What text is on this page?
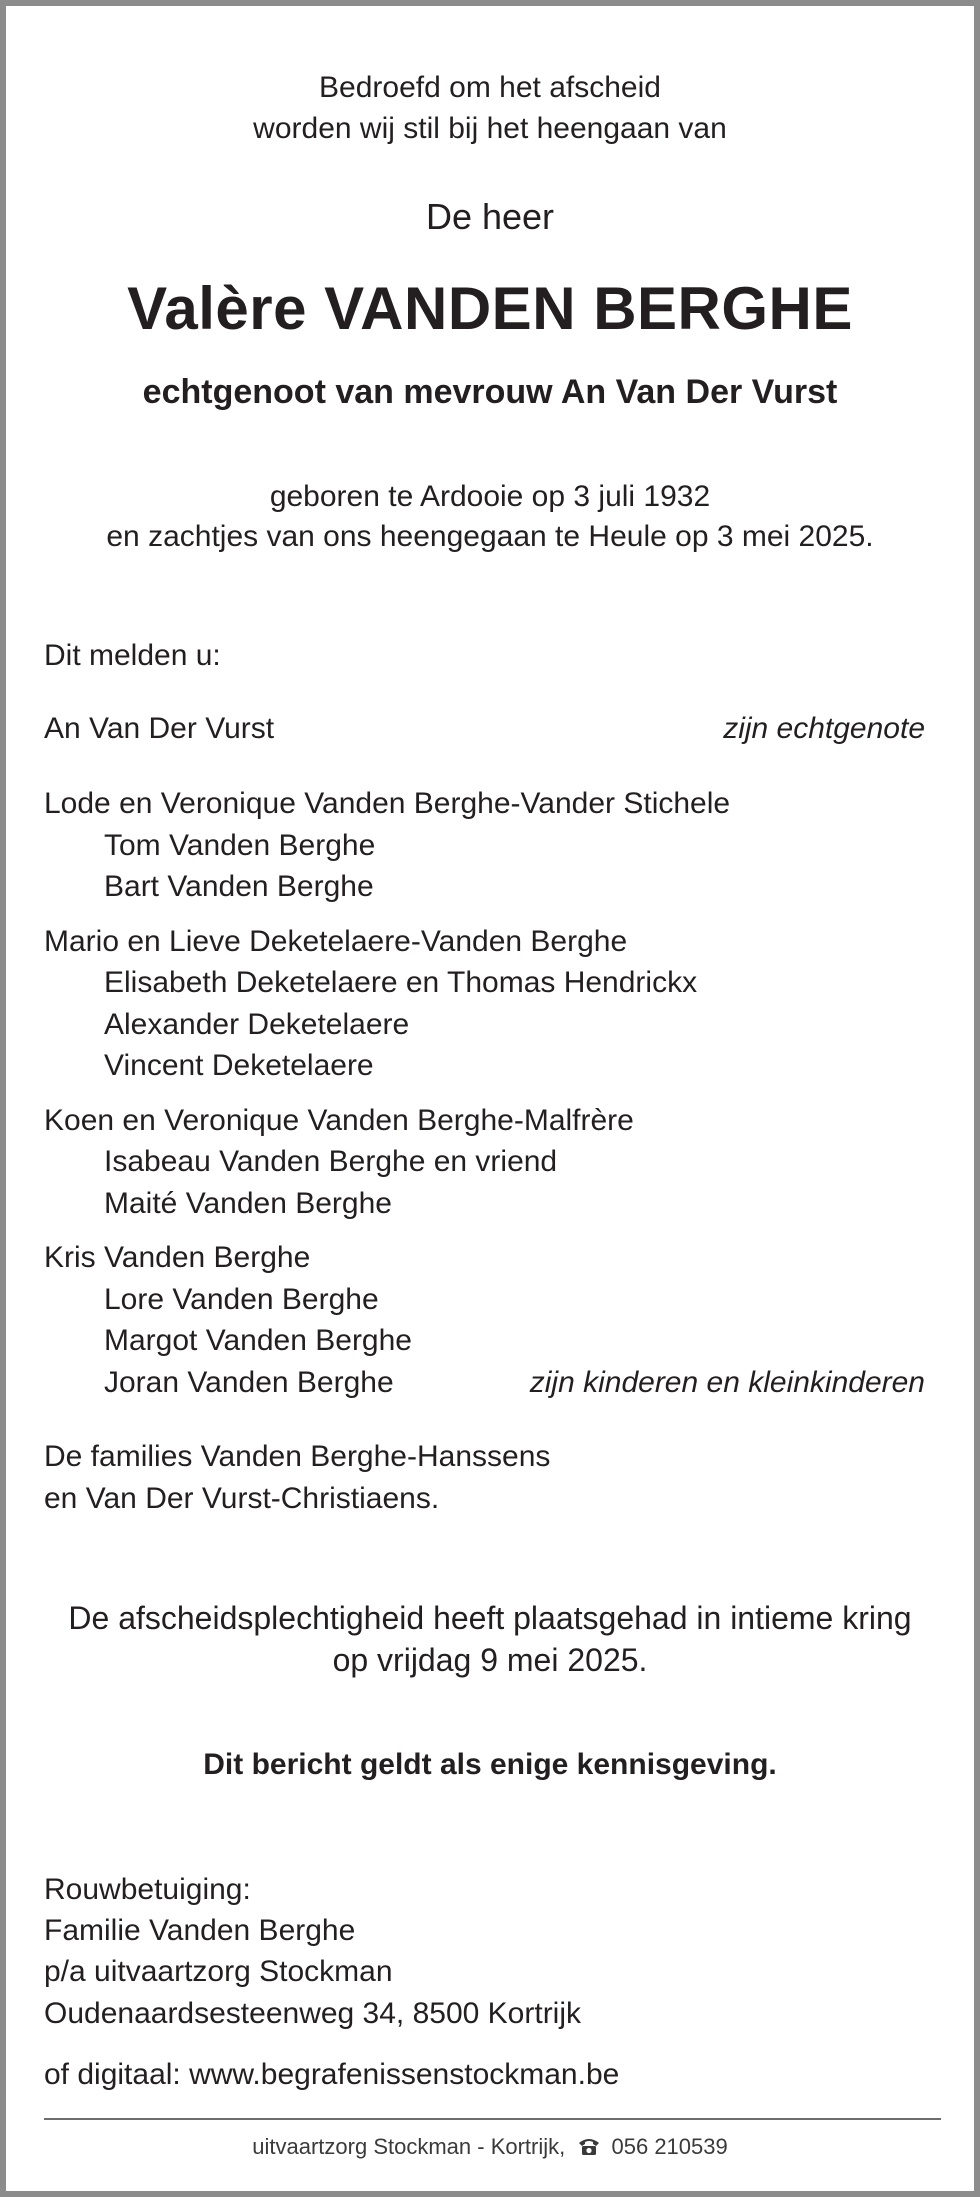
Bedroefd om het afscheid
worden wij stil bij het heengaan van
De heer
Valère VANDEN BERGHE
echtgenoot van mevrouw An Van Der Vurst
geboren te Ardooie op 3 juli 1932
en zachtjes van ons heengegaan te Heule op 3 mei 2025.
Dit melden u:
An Van Der Vurst	zijn echtgenote
Lode en Veronique Vanden Berghe-Vander Stichele
Tom Vanden Berghe
Bart Vanden Berghe
Mario en Lieve Deketelaere-Vanden Berghe
Elisabeth Deketelaere en Thomas Hendrickx
Alexander Deketelaere
Vincent Deketelaere
Koen en Veronique Vanden Berghe-Malfrère
Isabeau Vanden Berghe en vriend
Maité Vanden Berghe
Kris Vanden Berghe
Lore Vanden Berghe
Margot Vanden Berghe
Joran Vanden Berghe	zijn kinderen en kleinkinderen
De families Vanden Berghe-Hanssens
en Van Der Vurst-Christiaens.
De afscheidsplechtigheid heeft plaatsgehad in intieme kring
op vrijdag 9 mei 2025.
Dit bericht geldt als enige kennisgeving.
Rouwbetuiging:
Familie Vanden Berghe
p/a uitvaartzorg Stockman
Oudenaardsesteenweg 34, 8500 Kortrijk
of digitaal: www.begrafenissenstockman.be
uitvaartzorg Stockman - Kortrijk, 056 210539
